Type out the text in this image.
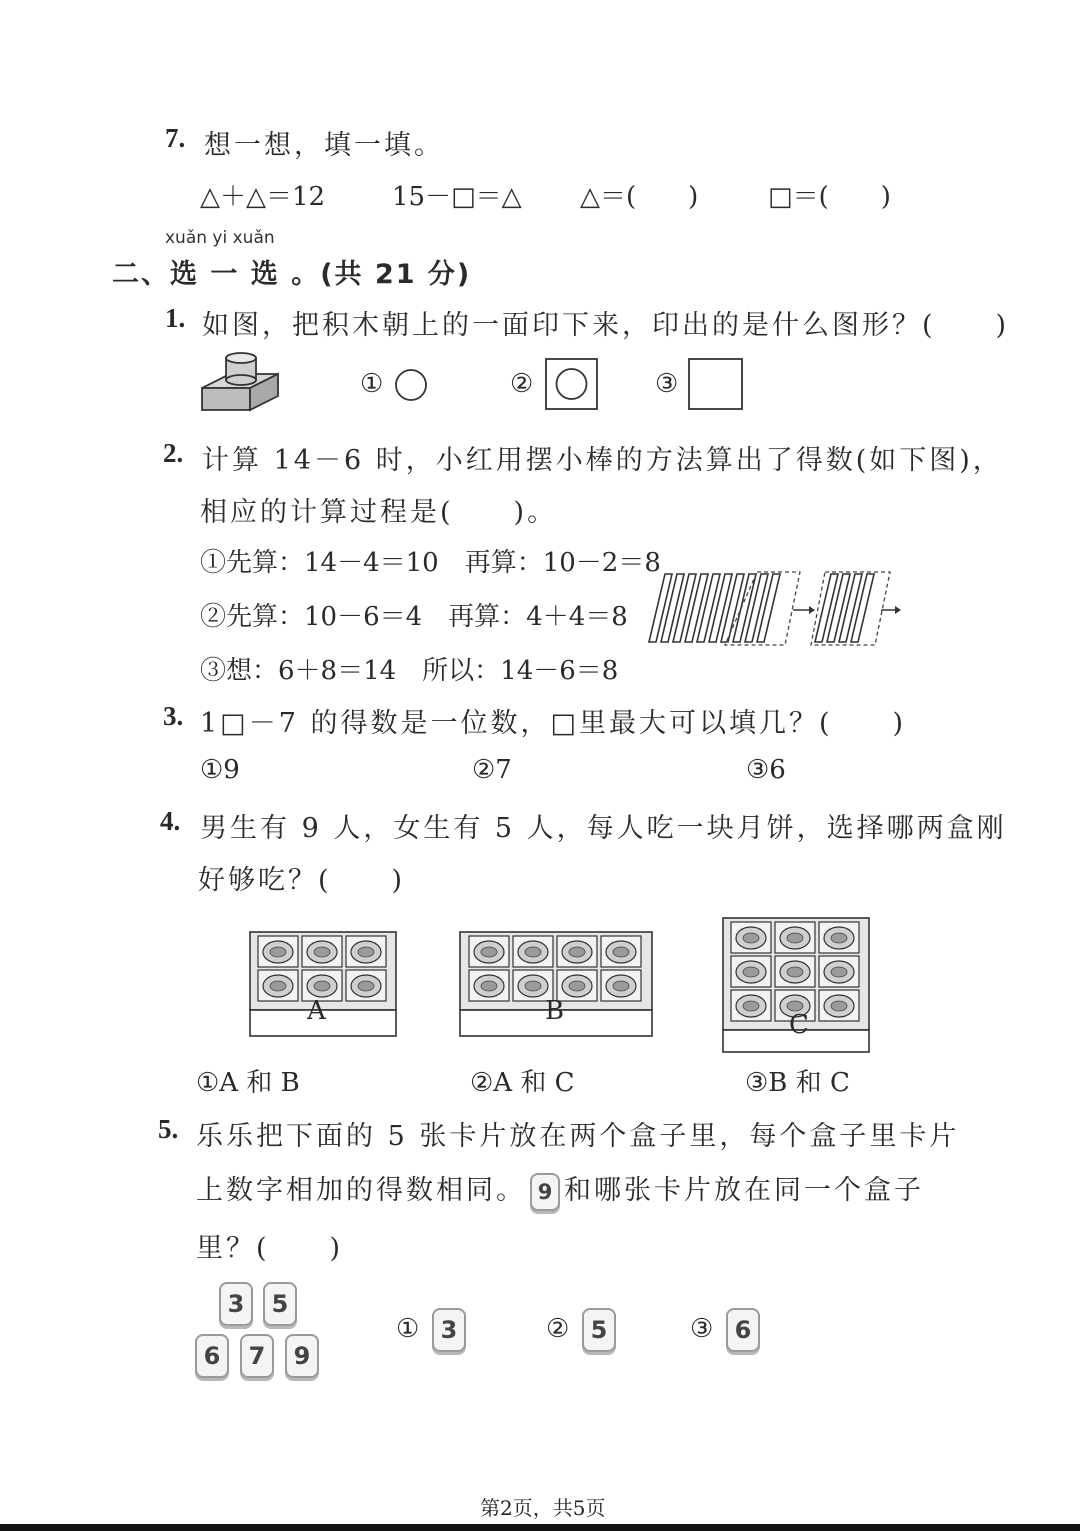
7. 想一想，填一填。
△＋△＝12	15－□＝△ △＝(　　)	□＝(　　)
xuǎn yi xuǎn
二、选 一 选 。(共 21 分)
1. 如图，把积木朝上的一面印下来，印出的是什么图形？(　　)
①	②	③
2. 计算 14－6 时，小红用摆小棒的方法算出了得数(如下图)，
相应的计算过程是(　　)。
①先算：14－4＝10　再算：10－2＝8
②先算：10－6＝4　再算：4＋4＝8
③想：6＋8＝14　所以：14－6＝8
3. 1□－7 的得数是一位数，□里最大可以填几？(　　)
①9	②7	③6
4. 男生有 9 人，女生有 5 人，每人吃一块月饼，选择哪两盒刚
好够吃？(　　)
A	B	C
①A 和 B	②A 和 C	③B 和 C
5. 乐乐把下面的 5 张卡片放在两个盒子里，每个盒子里卡片
上数字相加的得数相同。 9 和哪张卡片放在同一个盒子
里？(　　)
3	5
6	7	9
① 3	② 5	③ 6
第2页，共5页
